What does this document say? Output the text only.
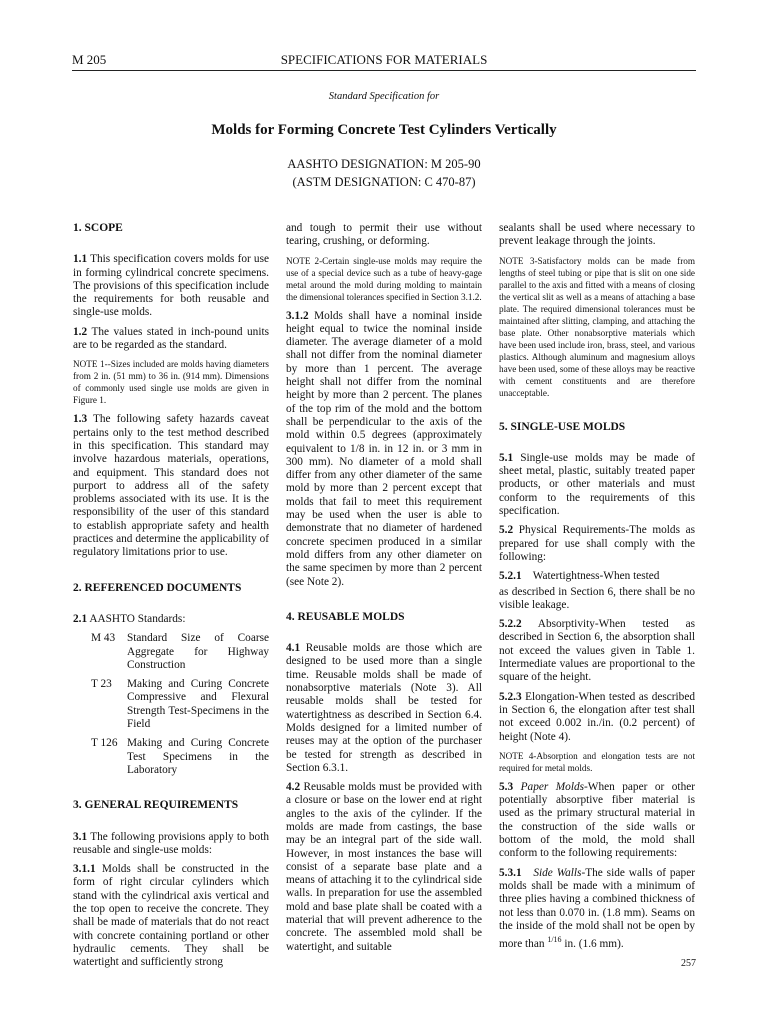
M 205	SPECIFICATIONS FOR MATERIALS
Standard Specification for
Molds for Forming Concrete Test Cylinders Vertically
AASHTO DESIGNATION: M 205-90
(ASTM DESIGNATION: C 470-87)
1. SCOPE

1.1 This specification covers molds for use in forming cylindrical concrete specimens. The provisions of this specification include the requirements for both reusable and single-use molds.

1.2 The values stated in inch-pound units are to be regarded as the standard.

NOTE 1--Sizes included are molds having diameters from 2 in. (51 mm) to 36 in. (914 mm). Dimensions of commonly used single use molds are given in Figure 1.

1.3 The following safety hazards caveat pertains only to the test method described in this specification. This standard may involve hazardous materials, operations, and equipment. This standard does not purport to address all of the safety problems associated with its use. It is the responsibility of the user of this standard to establish appropriate safety and health practices and determine the applicability of regulatory limitations prior to use.

2. REFERENCED DOCUMENTS

2.1 AASHTO Standards:

M 43	Standard Size of Coarse Aggregate for Highway Construction
T 23	Making and Curing Concrete Compressive and Flexural Strength Test-Specimens in the Field
T 126 Making and Curing Concrete Test Specimens in the Laboratory
3. GENERAL REQUIREMENTS

3.1 The following provisions apply to both reusable and single-use molds:

3.1.1 Molds shall be constructed in the form of right circular cylinders which stand with the cylindrical axis vertical and the top open to receive the concrete. They shall be made of materials that do not react with concrete containing portland or other hydraulic cements. They shall be watertight and sufficiently strong

and tough to permit their use without tearing, crushing, or deforming.

NOTE 2-Certain single-use molds may require the use of a special device such as a tube of heavy-gage metal around the mold during molding to maintain the dimensional tolerances specified in Section 3.1.2.

3.1.2 Molds shall have a nominal inside height equal to twice the nominal inside diameter. The average diameter of a mold shall not differ from the nominal diameter by more than 1 percent. The average height shall not differ from the nominal height by more than 2 percent. The planes of the top rim of the mold and the bottom shall be perpendicular to the axis of the mold within 0.5 degrees (approximately equivalent to 1/8 in. in 12 in. or 3 mm in 300 mm). No diameter of a mold shall differ from any other diameter of the same mold by more than 2 percent except that molds that fail to meet this requirement may be used when the user is able to demonstrate that no diameter of hardened concrete specimen produced in a similar mold differs from any other diameter on the same specimen by more than 2 percent (see Note 2).

4. REUSABLE MOLDS

4.1 Reusable molds are those which are designed to be used more than a single time. Reusable molds shall be made of nonabsorptive materials (Note 3). All reusable molds shall be tested for watertightness as described in Section 6.4. Molds designed for a limited number of reuses may at the option of the purchaser be tested for strength as described in Section 6.3.1.

4.2 Reusable molds must be provided with a closure or base on the lower end at right angles to the axis of the cylinder. If the molds are made from castings, the base may be an integral part of the side wall. However, in most instances the base will consist of a separate base plate and a means of attaching it to the cylindrical side walls. In preparation for use the assembled mold and base plate shall be coated with a material that will prevent adherence to the concrete. The assembled mold shall be watertight, and suitable

sealants shall be used where necessary to prevent leakage through the joints.

NOTE 3-Satisfactory molds can be made from lengths of steel tubing or pipe that is slit on one side parallel to the axis and fitted with a means of closing the vertical slit as well as a means of attaching a base plate. The required dimensional tolerances must be maintained after slitting, clamping, and attaching the base plate. Other nonabsorptive materials which have been used include iron, brass, steel, and various plastics. Although aluminum and magnesium alloys have been used, some of these alloys may be reactive with cement constituents and are therefore unacceptable.

5. SINGLE-USE MOLDS

5.1 Single-use molds may be made of sheet metal, plastic, suitably treated paper products, or other materials and must conform to the requirements of this specification.

5.2 Physical Requirements-The molds as prepared for use shall comply with the following:

5.2.1 Watertightness-When tested

as described in Section 6, there shall be no visible leakage.

5.2.2 Absorptivity-When tested as described in Section 6, the absorption shall not exceed the values given in Table 1. Intermediate values are proportional to the square of the height.

5.2.3 Elongation-When tested as described in Section 6, the elongation after test shall not exceed 0.002 in./in. (0.2 percent) of height (Note 4).

NOTE 4-Absorption and elongation tests are not required for metal molds.

5.3 Paper Molds-When paper or other potentially absorptive fiber material is used as the primary structural material in the construction of the side walls or bottom of the mold, the mold shall conform to the following requirements:

5.3.1 Side Walls-The side walls of paper molds shall be made with a minimum of three plies having a combined thickness of not less than 0.070 in. (1.8 mm). Seams on the inside of the mold shall not be open by more than $^{1/16}$ in. (1.6 mm).

257
